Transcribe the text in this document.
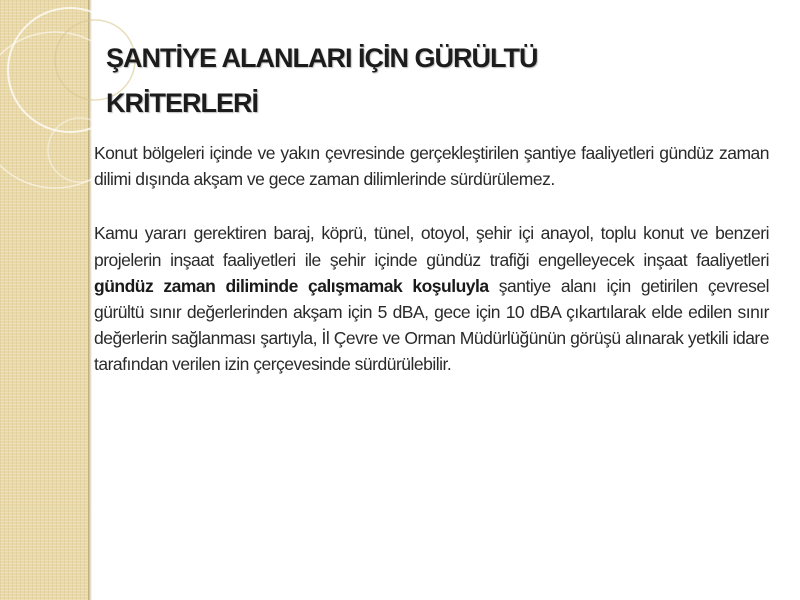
ŞANTİYE ALANLARI İÇİN GÜRÜLTÜ
KRİTERLERİ

Konut bölgeleri içinde ve yakın çevresinde gerçekleştirilen şantiye faaliyetleri gündüz zaman dilimi dışında akşam ve gece zaman dilimlerinde sürdürülemez.

Kamu yararı gerektiren baraj, köprü, tünel, otoyol, şehir içi anayol, toplu konut ve benzeri projelerin inşaat faaliyetleri ile şehir içinde gündüz trafiği engelleyecek inşaat faaliyetleri gündüz zaman diliminde çalışmamak koşuluyla şantiye alanı için getirilen çevresel gürültü sınır değerlerinden akşam için 5 dBA, gece için 10 dBA çıkartılarak elde edilen sınır değerlerin sağlanması şartıyla, İl Çevre ve Orman Müdürlüğünün görüşü alınarak yetkili idare tarafından verilen izin çerçevesinde sürdürülebilir.
